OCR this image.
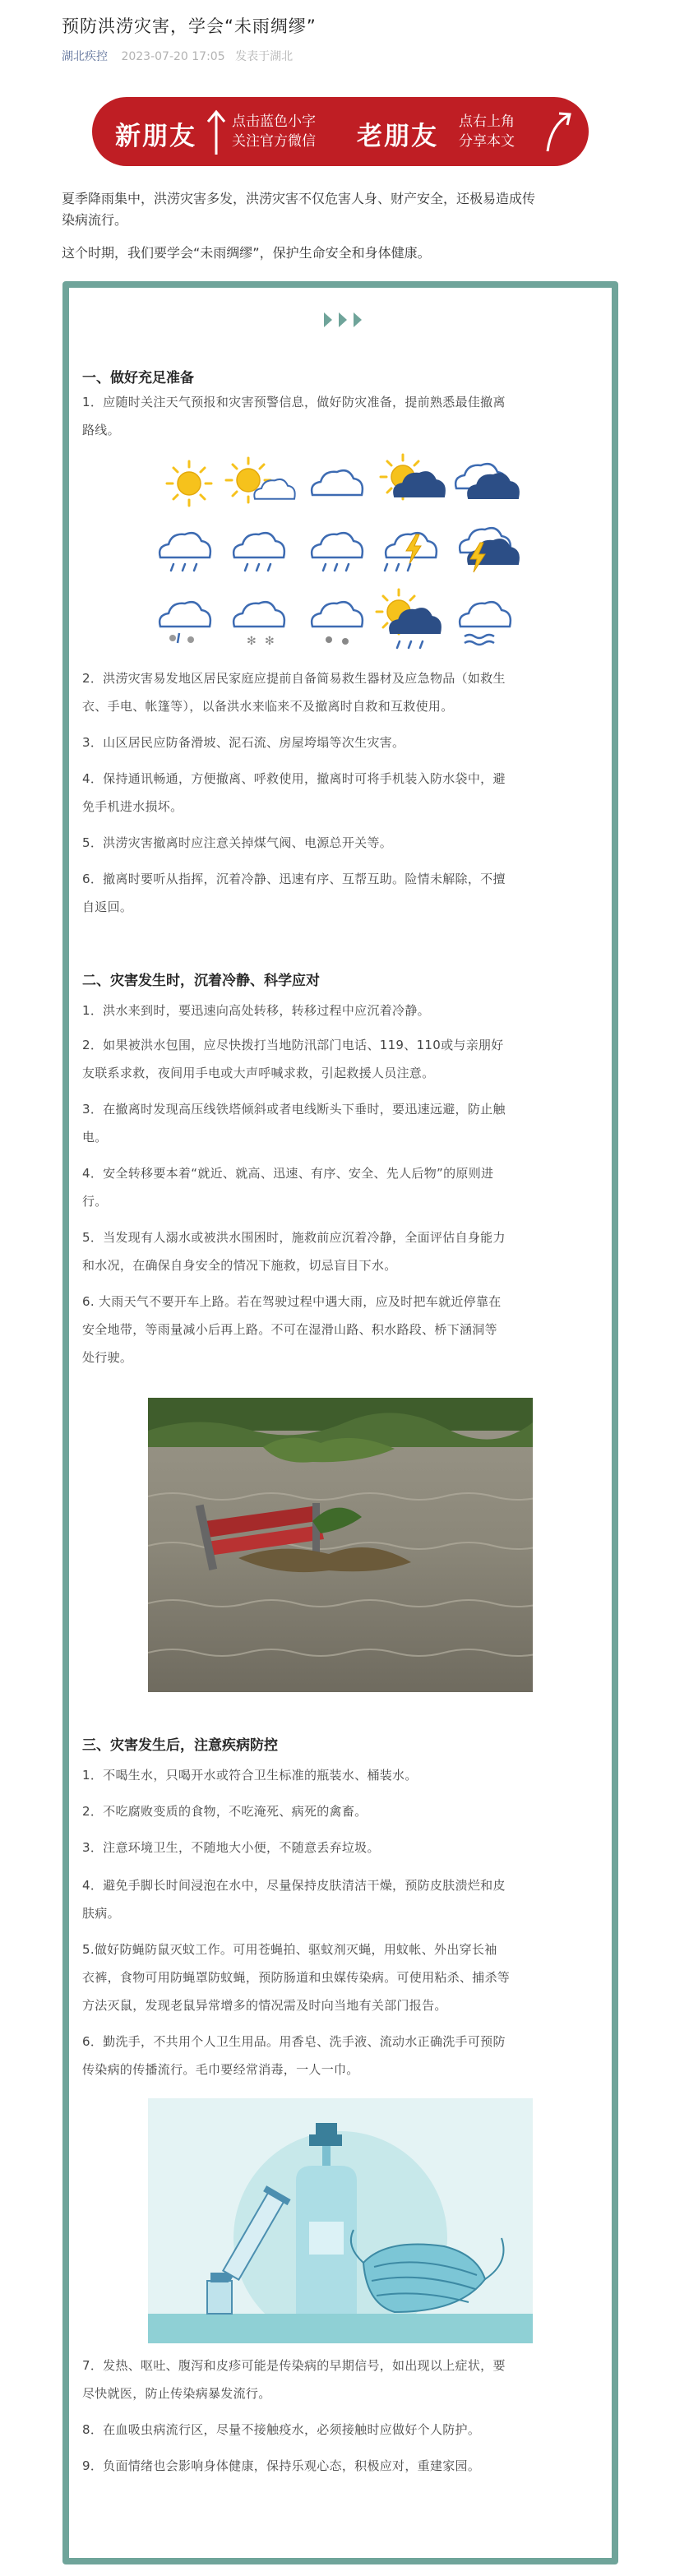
预防洪涝灾害，学会“未雨绸缪”
湖北疾控 2023-07-20 17:05 发表于湖北
新朋友	点击蓝色小字
关注官方微信 老朋友 点右上角
分享本文
夏季降雨集中，洪涝灾害多发，洪涝灾害不仅危害人身、财产安全，还极易造成传
染病流行。
这个时期，我们要学会“未雨绸缪”，保护生命安全和身体健康。
一、做好充足准备
1．应随时关注天气预报和灾害预警信息，做好防灾准备，提前熟悉最佳撤离
路线。
✻ ✻
2．洪涝灾害易发地区居民家庭应提前自备简易救生器材及应急物品（如救生
衣、手电、帐篷等），以备洪水来临来不及撤离时自救和互救使用。
3．山区居民应防备滑坡、泥石流、房屋垮塌等次生灾害。
4．保持通讯畅通，方便撤离、呼救使用，撤离时可将手机装入防水袋中，避
免手机进水损坏。
5．洪涝灾害撤离时应注意关掉煤气阀、电源总开关等。
6．撤离时要听从指挥，沉着冷静、迅速有序、互帮互助。险情未解除，不擅
自返回。
二、灾害发生时，沉着冷静、科学应对
1．洪水来到时，要迅速向高处转移，转移过程中应沉着冷静。
2．如果被洪水包围，应尽快拨打当地防汛部门电话、119、110或与亲朋好
友联系求救，夜间用手电或大声呼喊求救，引起救援人员注意。
3．在撤离时发现高压线铁塔倾斜或者电线断头下垂时，要迅速远避，防止触
电。
4．安全转移要本着“就近、就高、迅速、有序、安全、先人后物”的原则进
行。
5．当发现有人溺水或被洪水围困时，施救前应沉着冷静，全面评估自身能力
和水况，在确保自身安全的情况下施救，切忌盲目下水。
6. 大雨天气不要开车上路。若在驾驶过程中遇大雨，应及时把车就近停靠在
安全地带，等雨量减小后再上路。不可在湿滑山路、积水路段、桥下涵洞等
处行驶。
三、灾害发生后，注意疾病防控
1．不喝生水，只喝开水或符合卫生标准的瓶装水、桶装水。
2．不吃腐败变质的食物，不吃淹死、病死的禽畜。
3．注意环境卫生，不随地大小便，不随意丢弃垃圾。
4．避免手脚长时间浸泡在水中，尽量保持皮肤清洁干燥，预防皮肤溃烂和皮
肤病。
5.做好防蝇防鼠灭蚊工作。可用苍蝇拍、驱蚊剂灭蝇，用蚊帐、外出穿长袖
衣裤，食物可用防蝇罩防蚊蝇，预防肠道和虫媒传染病。可使用粘杀、捕杀等
方法灭鼠，发现老鼠异常增多的情况需及时向当地有关部门报告。
6．勤洗手，不共用个人卫生用品。用香皂、洗手液、流动水正确洗手可预防
传染病的传播流行。毛巾要经常消毒，一人一巾。
7．发热、呕吐、腹泻和皮疹可能是传染病的早期信号，如出现以上症状，要
尽快就医，防止传染病暴发流行。
8．在血吸虫病流行区，尽量不接触疫水，必须接触时应做好个人防护。
9．负面情绪也会影响身体健康，保持乐观心态，积极应对，重建家园。
